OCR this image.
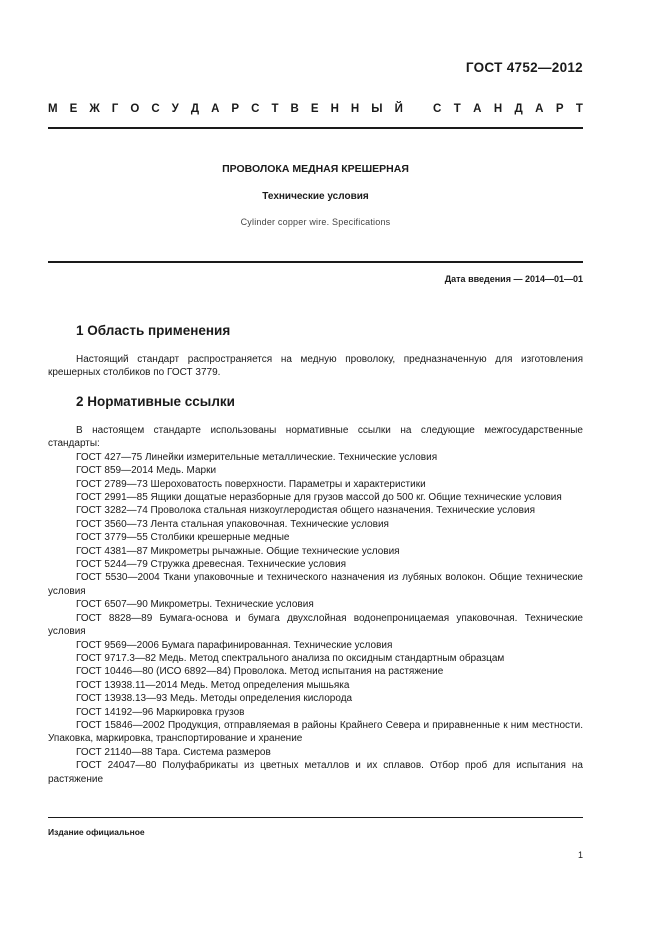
ГОСТ 4752—2012
М Е Ж Г О С У Д А Р С Т В Е Н Н Ы Й	С Т А Н Д А Р Т
ПРОВОЛОКА МЕДНАЯ КРЕШЕРНАЯ
Технические условия
Cylinder copper wire. Specifications
Дата введения — 2014—01—01
1 Область применения
Настоящий стандарт распространяется на медную проволоку, предназначенную для изготовления крешерных столбиков по ГОСТ 3779.
2 Нормативные ссылки

В настоящем стандарте использованы нормативные ссылки на следующие межгосударственные стандарты:

ГОСТ 427—75 Линейки измерительные металлические. Технические условия

ГОСТ 859—2014 Медь. Марки

ГОСТ 2789—73 Шероховатость поверхности. Параметры и характеристики

ГОСТ 2991—85 Ящики дощатые неразборные для грузов массой до 500 кг. Общие технические условия

ГОСТ 3282—74 Проволока стальная низкоуглеродистая общего назначения. Технические условия

ГОСТ 3560—73 Лента стальная упаковочная. Технические условия

ГОСТ 3779—55 Столбики крешерные медные

ГОСТ 4381—87 Микрометры рычажные. Общие технические условия

ГОСТ 5244—79 Стружка древесная. Технические условия

ГОСТ 5530—2004 Ткани упаковочные и технического назначения из лубяных волокон. Общие технические условия

ГОСТ 6507—90 Микрометры. Технические условия

ГОСТ 8828—89 Бумага-основа и бумага двухслойная водонепроницаемая упаковочная. Технические условия

ГОСТ 9569—2006 Бумага парафинированная. Технические условия

ГОСТ 9717.3—82 Медь. Метод спектрального анализа по оксидным стандартным образцам

ГОСТ 10446—80 (ИСО 6892—84) Проволока. Метод испытания на растяжение

ГОСТ 13938.11—2014 Медь. Метод определения мышьяка

ГОСТ 13938.13—93 Медь. Методы определения кислорода

ГОСТ 14192—96 Маркировка грузов

ГОСТ 15846—2002 Продукция, отправляемая в районы Крайнего Севера и приравненные к ним местности. Упаковка, маркировка, транспортирование и хранение

ГОСТ 21140—88 Тара. Система размеров

ГОСТ 24047—80 Полуфабрикаты из цветных металлов и их сплавов. Отбор проб для испытания на растяжение

Издание официальное
1
